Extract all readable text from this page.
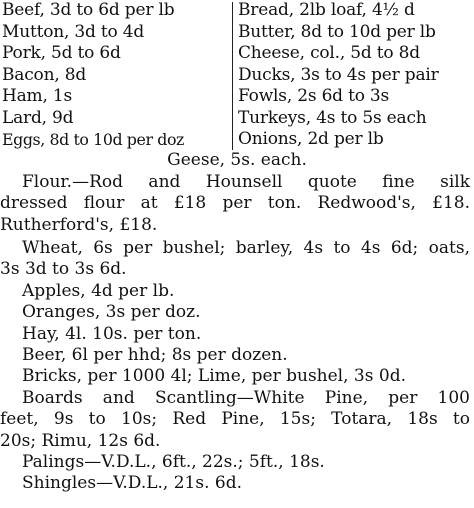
Beef, 3d to 6d per lb
Mutton, 3d to 4d
Pork, 5d to 6d
Bacon, 8d
Ham, 1s
Lard, 9d
Eggs, 8d to 10d per doz
Bread, 2lb loaf, 4½ d
Butter, 8d to 10d per lb
Cheese, col., 5d to 8d
Ducks, 3s to 4s per pair
Fowls, 2s 6d to 3s
Turkeys, 4s to 5s each
Onions, 2d per lb
Geese, 5s. each.
Flour.—Rod and Hounsell quote fine silk
dressed flour at £18 per ton. Redwood's, £18.
Rutherford's, £18.
Wheat, 6s per bushel; barley, 4s to 4s 6d; oats,
3s 3d to 3s 6d.
Apples, 4d per lb.
Oranges, 3s per doz.
Hay, 4l. 10s. per ton.
Beer, 6l per hhd; 8s per dozen.
Bricks, per 1000 4l; Lime, per bushel, 3s 0d.
Boards and Scantling—White Pine, per 100
feet, 9s to 10s; Red Pine, 15s; Totara, 18s to
20s; Rimu, 12s 6d.
Palings—V.D.L., 6ft., 22s.; 5ft., 18s.
Shingles—V.D.L., 21s. 6d.
